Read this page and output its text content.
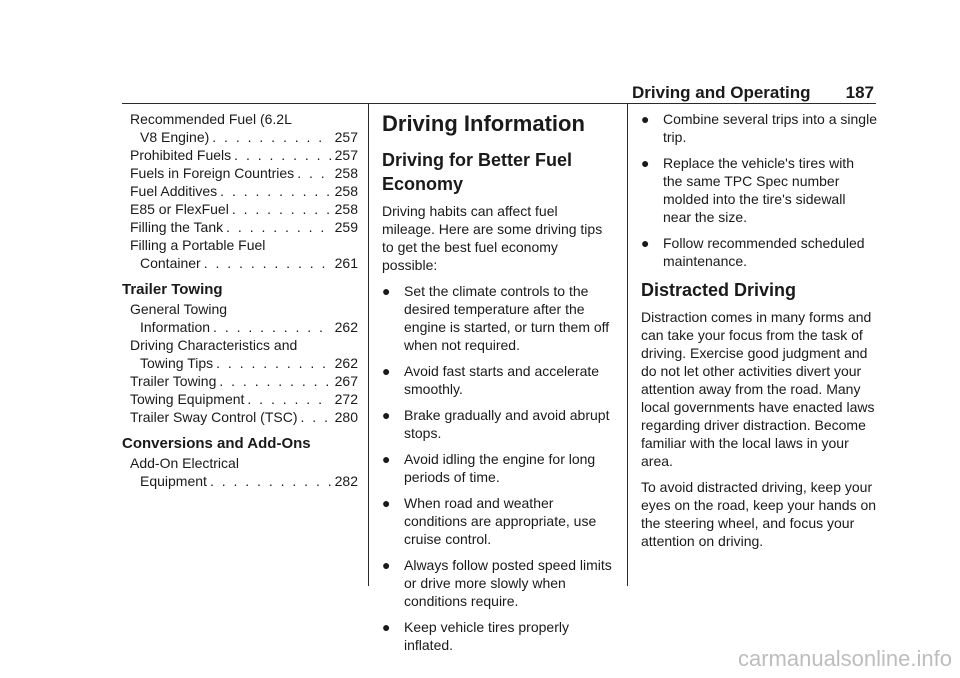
Driving and Operating 187
Recommended Fuel (6.2L
V8 Engine) . . .	257
Prohibited Fuels . . .	257
Fuels in Foreign Countries . . .	258
Fuel Additives . . .	258
E85 or FlexFuel . . .	258
Filling the Tank . . .	259
Filling a Portable Fuel
Container . . .	261
Trailer Towing
General Towing
Information . . .	262
Driving Characteristics and
Towing Tips . . .	262
Trailer Towing . . .	267
Towing Equipment . . .	272
Trailer Sway Control (TSC) . . .	280
Conversions and Add-Ons
Add-On Electrical
Equipment . . .	282
Driving Information
Driving for Better Fuel Economy

Driving habits can affect fuel mileage. Here are some driving tips to get the best fuel economy possible:

● Set the climate controls to the desired temperature after the engine is started, or turn them off when not required.
● Avoid fast starts and accelerate smoothly.
● Brake gradually and avoid abrupt stops.
● Avoid idling the engine for long periods of time.
● When road and weather conditions are appropriate, use cruise control.
● Always follow posted speed limits or drive more slowly when conditions require.
● Keep vehicle tires properly inflated.
● Combine several trips into a single trip.
● Replace the vehicle's tires with the same TPC Spec number molded into the tire's sidewall near the size.
● Follow recommended scheduled maintenance.
Distracted Driving

Distraction comes in many forms and can take your focus from the task of driving. Exercise good judgment and do not let other activities divert your attention away from the road. Many local governments have enacted laws regarding driver distraction. Become familiar with the local laws in your area.

To avoid distracted driving, keep your eyes on the road, keep your hands on the steering wheel, and focus your attention on driving.

carmanualsonline.info
